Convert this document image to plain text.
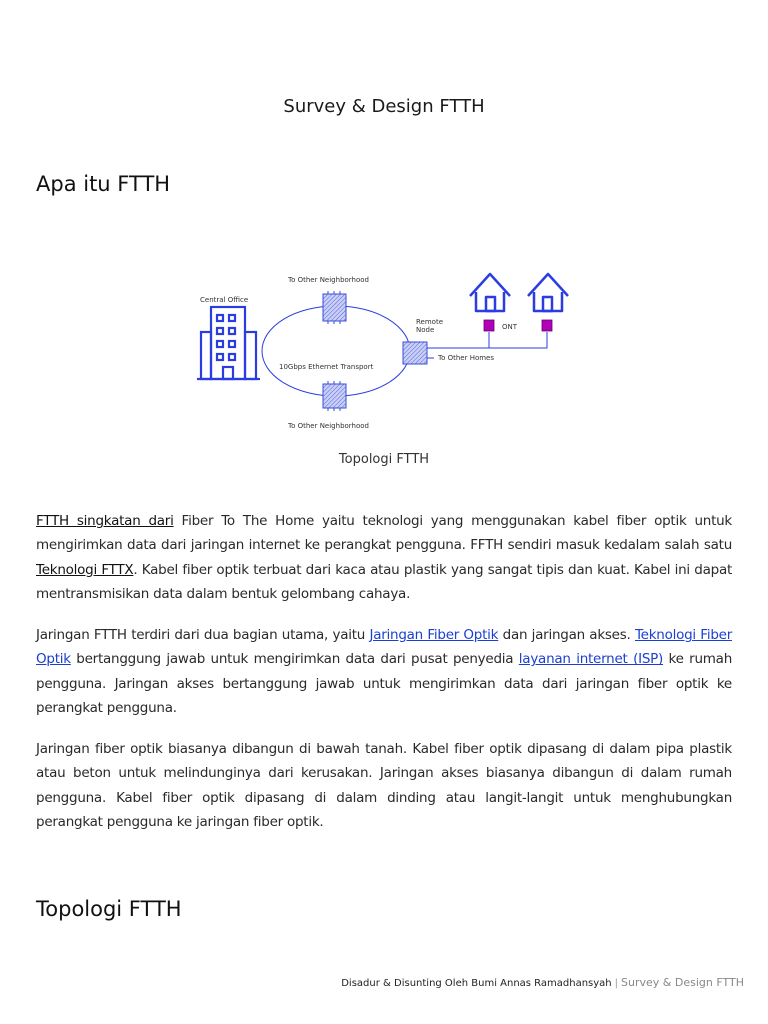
Survey & Design FTTH
Apa itu FTTH
Central Office
To Other Neighborhood
To Other Neighborhood
10Gbps Ethernet Transport
Remote
Node
To Other Homes
ONT
Topologi FTTH

FTTH singkatan dari Fiber To The Home yaitu teknologi yang menggunakan kabel fiber optik untuk mengirimkan data dari jaringan internet ke perangkat pengguna. FFTH sendiri masuk kedalam salah satu Teknologi FTTX. Kabel fiber optik terbuat dari kaca atau plastik yang sangat tipis dan kuat. Kabel ini dapat mentransmisikan data dalam bentuk gelombang cahaya.

Jaringan FTTH terdiri dari dua bagian utama, yaitu Jaringan Fiber Optik dan jaringan akses. Teknologi Fiber Optik bertanggung jawab untuk mengirimkan data dari pusat penyedia layanan internet (ISP) ke rumah pengguna. Jaringan akses bertanggung jawab untuk mengirimkan data dari jaringan fiber optik ke perangkat pengguna.

Jaringan fiber optik biasanya dibangun di bawah tanah. Kabel fiber optik dipasang di dalam pipa plastik atau beton untuk melindunginya dari kerusakan. Jaringan akses biasanya dibangun di dalam rumah pengguna. Kabel fiber optik dipasang di dalam dinding atau langit-langit untuk menghubungkan perangkat pengguna ke jaringan fiber optik.

Topologi FTTH
Disadur & Disunting Oleh Bumi Annas Ramadhansyah | Survey & Design FTTH
